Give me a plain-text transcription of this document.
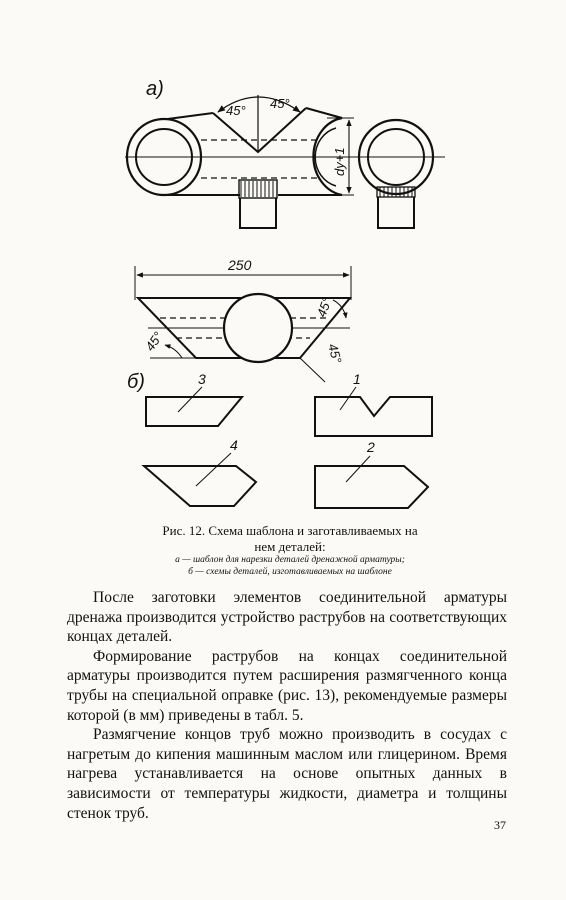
а)
45° 45°
dу+1
250
45°
45°
45°
б)	3	1
4	2
Рис. 12. Схема шаблона и заготавливаемых на
нем деталей:
а — шаблон для нарезки деталей дренажной арматуры;
б — схемы деталей, изготавливаемых на шаблоне

После заготовки элементов соединительной арматуры дренажа производится устройство раструбов на соответствующих концах деталей.

Формирование раструбов на концах соединительной арматуры производится путем расширения размягченного конца трубы на специальной оправке (рис. 13), рекомендуемые размеры которой (в мм) приведены в табл. 5.

Размягчение концов труб можно производить в сосудах с нагретым до кипения машинным маслом или глицерином. Время нагрева устанавливается на основе опытных данных в зависимости от температуры жидкости, диаметра и толщины стенок труб.

37
